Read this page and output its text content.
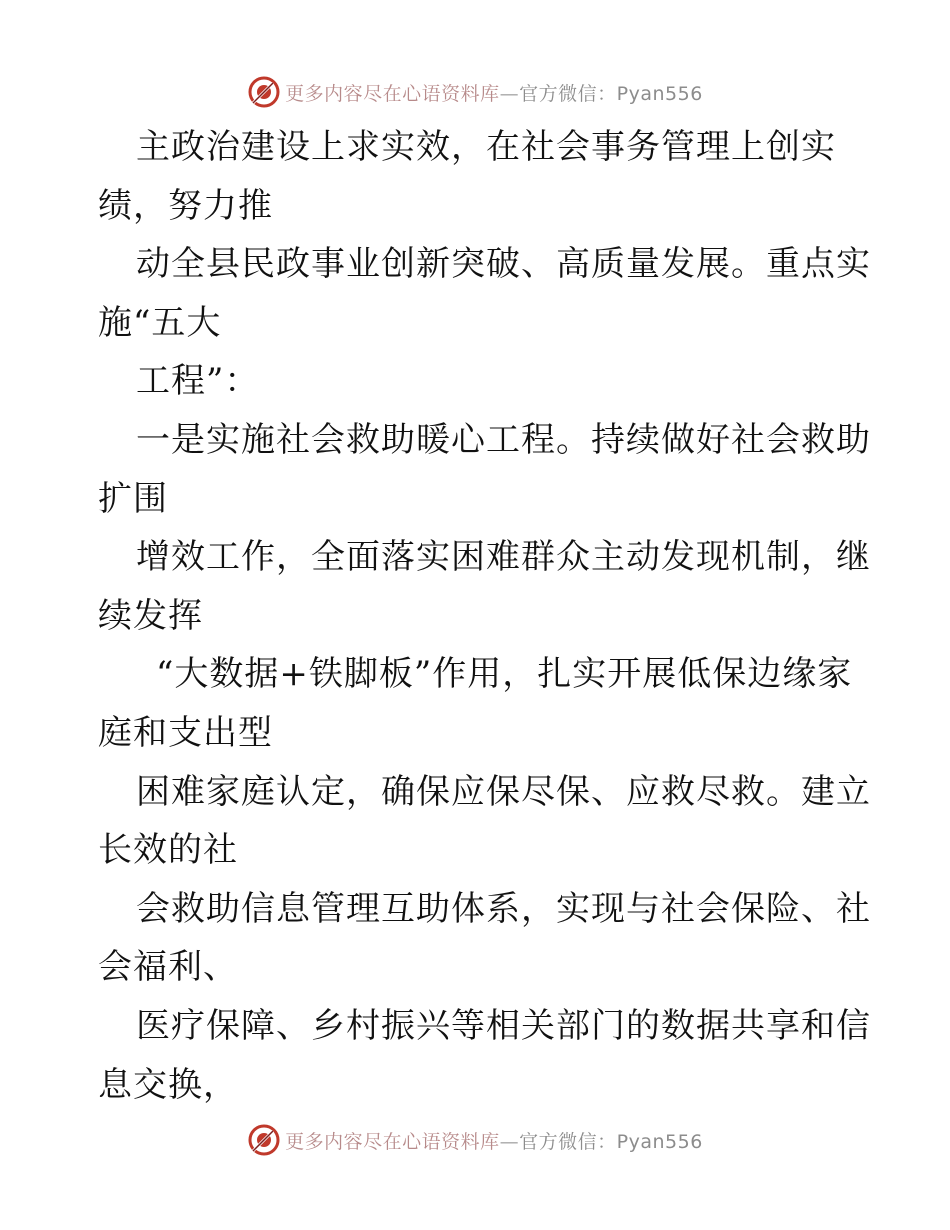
更多内容尽在心语资料库—官方微信：Pyan556
主政治建设上求实效，在社会事务管理上创实
绩，努力推
动全县民政事业创新突破、高质量发展。重点实
施“五大
工程”：
一是实施社会救助暖心工程。持续做好社会救助
扩围
增效工作，全面落实困难群众主动发现机制，继
续发挥
“大数据+铁脚板”作用，扎实开展低保边缘家
庭和支出型
困难家庭认定，确保应保尽保、应救尽救。建立
长效的社
会救助信息管理互助体系，实现与社会保险、社
会福利、
医疗保障、乡村振兴等相关部门的数据共享和信
息交换，
更多内容尽在心语资料库—官方微信：Pyan556
